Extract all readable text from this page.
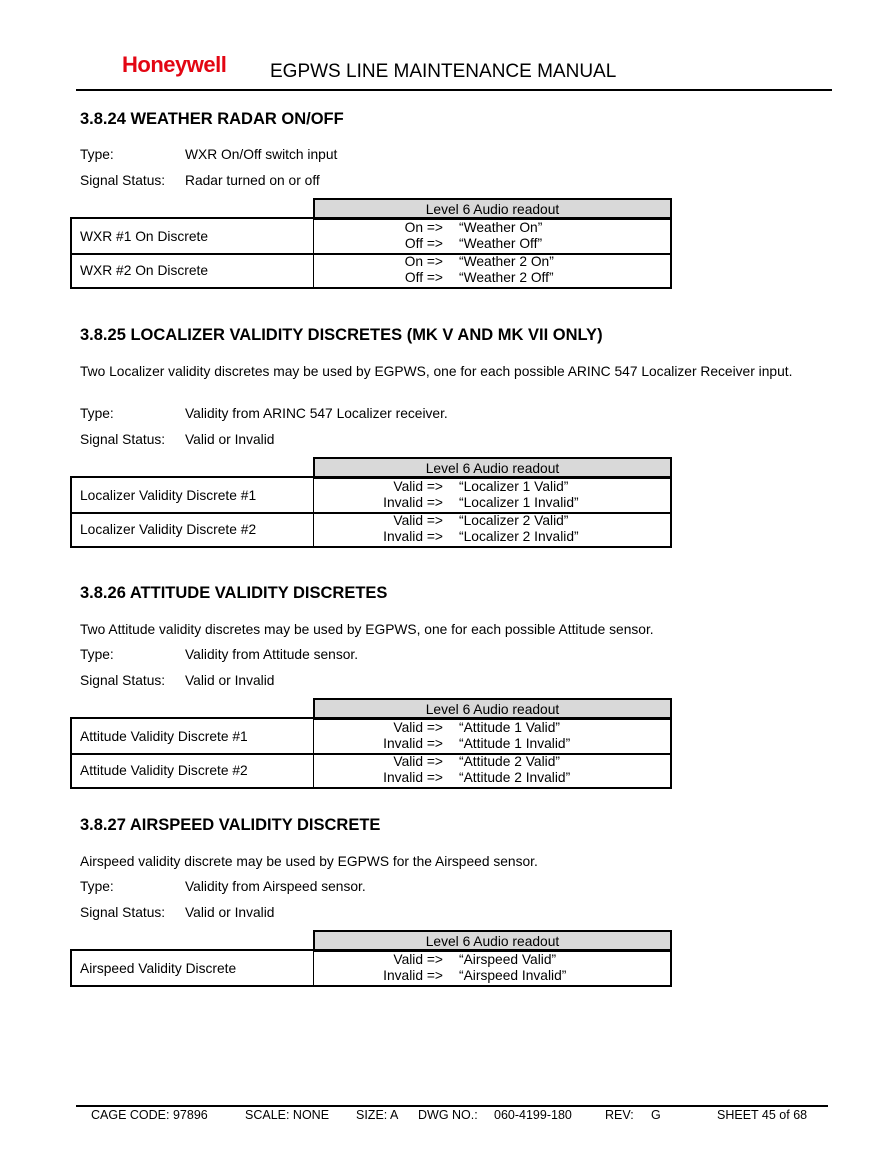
Honeywell EGPWS LINE MAINTENANCE MANUAL
3.8.24 WEATHER RADAR ON/OFF
Type:	WXR On/Off switch input
Signal Status: Radar turned on or off
Level 6 Audio readout
WXR #1 On Discrete
On =>	“Weather On”
Off =>	“Weather Off”
WXR #2 On Discrete
On =>	“Weather 2 On”
Off =>	“Weather 2 Off”
3.8.25 LOCALIZER VALIDITY DISCRETES (MK V AND MK VII ONLY)

Two Localizer validity discretes may be used by EGPWS, one for each possible ARINC 547 Localizer Receiver input.

Type:	Validity from ARINC 547 Localizer receiver.
Signal Status: Valid or Invalid
Level 6 Audio readout
Localizer Validity Discrete #1
Valid =>	“Localizer 1 Valid”
Invalid =>	“Localizer 1 Invalid”
Localizer Validity Discrete #2
Valid =>	“Localizer 2 Valid”
Invalid =>	“Localizer 2 Invalid”
3.8.26 ATTITUDE VALIDITY DISCRETES

Two Attitude validity discretes may be used by EGPWS, one for each possible Attitude sensor.

Type:	Validity from Attitude sensor.
Signal Status: Valid or Invalid
Level 6 Audio readout
Attitude Validity Discrete #1
Valid =>	“Attitude 1 Valid”
Invalid =>	“Attitude 1 Invalid”
Attitude Validity Discrete #2
Valid =>	“Attitude 2 Valid”
Invalid =>	“Attitude 2 Invalid”
3.8.27 AIRSPEED VALIDITY DISCRETE

Airspeed validity discrete may be used by EGPWS for the Airspeed sensor.

Type:	Validity from Airspeed sensor.
Signal Status: Valid or Invalid
Level 6 Audio readout
Airspeed Validity Discrete
Valid =>	“Airspeed Valid”
Invalid =>	“Airspeed Invalid”
CAGE CODE: 97896	SCALE: NONE SIZE: A DWG NO.: 060-4199-180	REV: G	SHEET 45 of 68
